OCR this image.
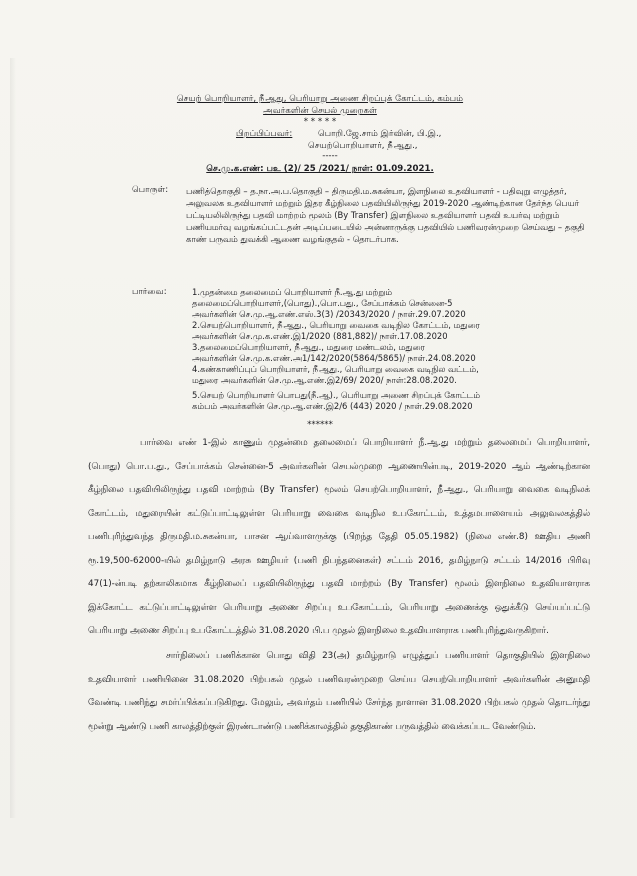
செயற் பொறியாளர், நீ்ஆது, பெரியாறு அணை சிறப்புக் கோட்டம், கம்பம்
அவர்களின் செயல் முறைகள்
* * * * *
பிறப்பிப்பவர்:	பொறி.ஜே.சாம் இர்வின், பி.இ.,
செயற்பொறியாளர், நீ்ஆது.,
-----
செ.மு.க.எண்: பஉ (2)/ 25 /2021/ நாள்: 01.09.2021.
பொருள்: பணித்தொகுதி – த.நா.அ.ப.தொகுதி – திருமதி.ம.சுகன்யா, இளநிலை உதவியாளர் - பதிவுறு எழுத்தர், அலுவலக உதவியாளர் மற்றும் இதர கீழ்நிலை பதவியிலிருந்து 2019-2020 ஆண்டிற்கான தேர்ந்த பெயர் பட்டியலிலிருந்து பதவி மாற்றம் மூலம் (By Transfer) இளநிலை உதவியாளர் பதவி உயர்வு மற்றும் பணியமர்வு வழங்கப்பட்டதன் அடிப்படையில் அன்னாருக்கு பதவியில் பணிவரன்முறை செய்வது – தகுதி காண் பருவம் துவக்கி ஆணை வழங்குதல் - தொடர்பாக.
பார்வை:	1.முதன்மை தலைமைப் பொறியாளர் நீ.ஆ.து மற்றும்
தலைமைப்பொறியாளர்,(பொது).,பொ.பது., சேப்பாக்கம் சென்னை-5
அவர்களின் செ.மு.ஆ.எண்.எஸ்.3(3) /20343/2020 / நாள்.29.07.2020
2.செயற்பொறியாளர், நீ்ஆது., பெரியாறு வைகை வடிநில கோட்டம், மதுரை
அவர்களின் செ.மு.க.எண்.இ1/2020 (881,882)/ நாள்.17.08.2020
3.தலைமைப்பொறியாளர், நீ்ஆது., மதுரை மண்டலம், மதுரை
அவர்களின் செ.மு.க.எண்.அ1/142/2020(5864/5865)/ நாள்.24.08.2020
4.கண்காணிப்புப் பொறியாளர், நீ்ஆது., பெரியாறு வைகை வடிநில வட்டம்,
மதுரை அவர்களின் செ.மு.ஆ.எண்.இ2/69/ 2020/ நாள்:28.08.2020.
5.செயற் பொறியாளர் பொபது(நீ.ஆ)., பெரியாறு அணை சிறப்புக் கோட்டம்
கம்பம் அவர்களின் செ.மு.ஆ.எண்.இ2/6 (443) 2020 / நாள்.29.08.2020
******
பார்வை எண் 1-இல் காணும் முதன்மை தலைமைப் பொறியாளர் நீ.ஆ.து மற்றும் தலைமைப் பொறியாளர்,(பொது) பொ.ப.து., சேப்பாக்கம் சென்னை-5 அவர்களின் செயல்முறை ஆணையின்படி, 2019-2020 ஆம் ஆண்டிற்கான கீழ்நிலை பதவியிலிருந்து பதவி மாற்றம் (By Transfer) மூலம் செயற்பொறியாளர், நீ்ஆது., பெரியாறு வைகை வடிநிலக் கோட்டம், மதுரையின் கட்டுப்பாட்டிலுள்ள பெரியாறு வைகை வடிநில உபகோட்டம், உத்தமபாளையம் அலுவலகத்தில் பணிபுரிந்துவந்த திருமதி.ம.சுகன்யா, பாசன ஆய்வாளருக்கு (பிறந்த தேதி 05.05.1982) (நிலை எண்.8) ஊதிய அணி ரூ.19,500-62000-யில் தமிழ்நாடு அரசு ஊழியர் (பணி நிபந்தனைகள்) சட்டம் 2016, தமிழ்நாடு சட்டம் 14/2016 பிரிவு 47(1)-ன்படி தற்காலிகமாக கீழ்நிலைப் பதவியிலிருந்து பதவி மாற்றம் (By Transfer) மூலம் இளநிலை உதவியாளராக இக்கோட்ட கட்டுப்பாட்டிலுள்ள பெரியாறு அணை சிறப்பு உபகோட்டம், பெரியாறு அணைக்கு ஒதுக்கீடு செய்யப்பட்டு பெரியாறு அணை சிறப்பு உபகோட்டத்தில் 31.08.2020 பி.ப முதல் இளநிலை உதவியாளராக பணிபுரிந்துவருகிறார்.
சார்நிலைப் பணிக்கான பொது விதி 23(அ) தமிழ்நாடு எழுத்துப் பணியாளர் தொகுதியில் இளநிலை உதவியாளர் பணியினை 31.08.2020 பிற்பகல் முதல் பணிவரன்முறை செய்ய செயற்பொறியாளர் அவர்களின் அனுமதி வேண்டி பணிந்து சமர்ப்பிக்கப்படுகிறது. மேலும், அவர்தம் பணியில் சேர்ந்த நாளான 31.08.2020 பிற்பகல் முதல் தொடர்ந்து மூன்று ஆண்டு பணி காலத்திற்குள் இரண்டாண்டு பணிக்காலத்தில் தகுதிகாண் பருவத்தில் வைக்கப்பட வேண்டும்.
